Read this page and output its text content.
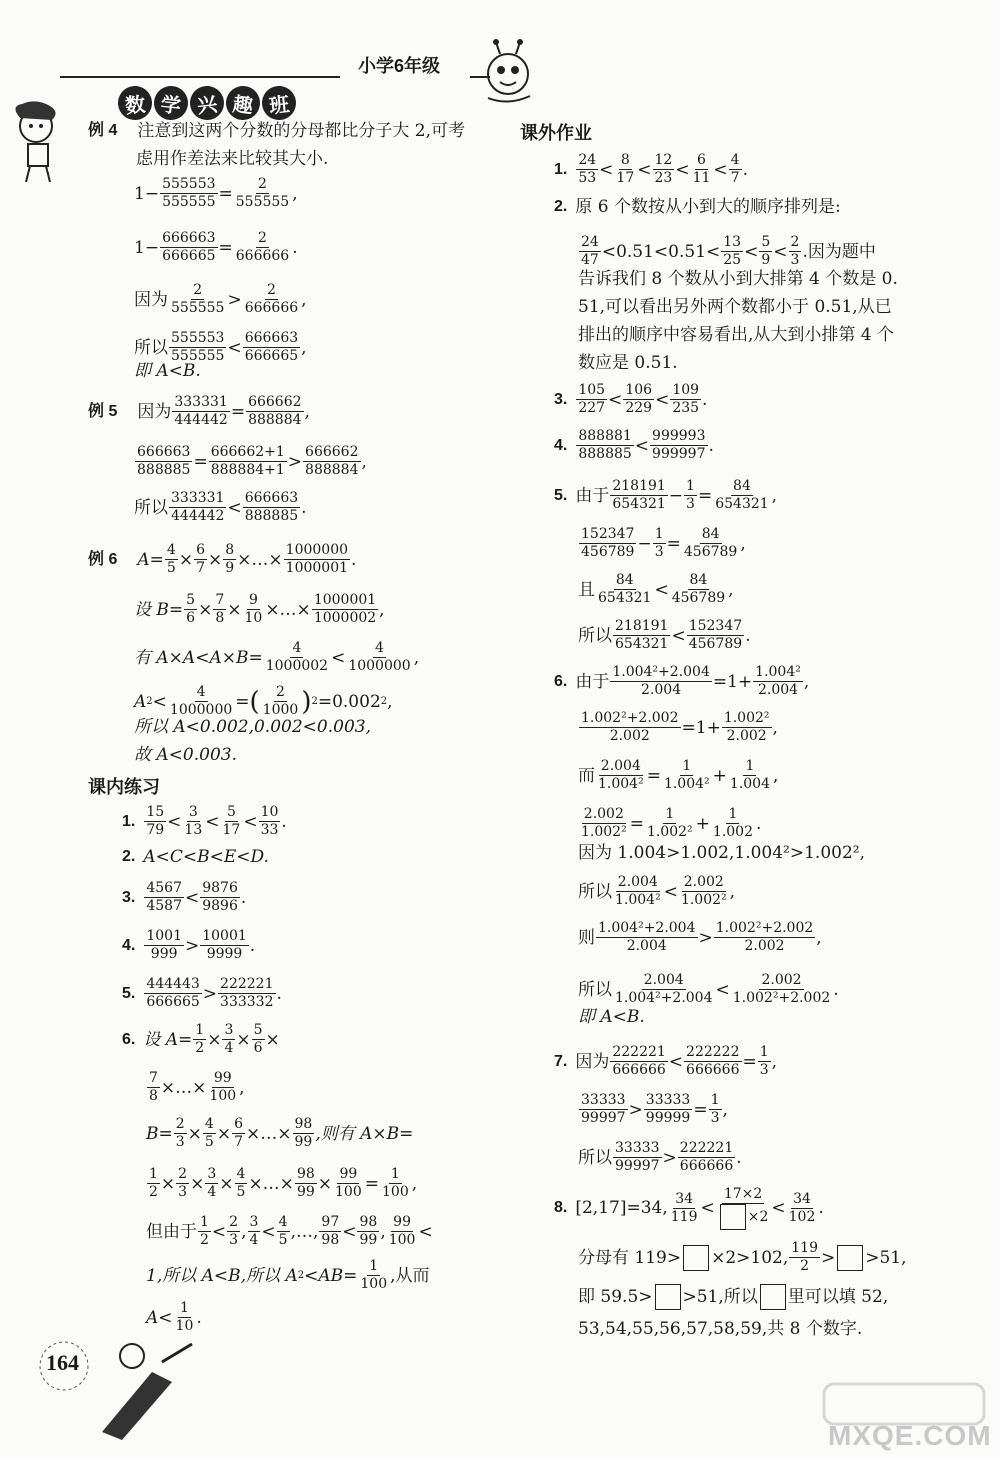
小学6年级
数 学 兴 趣 班
164
MXQE.COM
例 4 注意到这两个分数的分母都比分子大 2,可考
虑用作差法来比较其大小.
$1- \frac{555553}{555555} = \frac{2}{555555}$ ,
$1- \frac{666663}{666665} = \frac{2}{666666}$ .
因为 $\frac{2}{555555} > \frac{2}{666666}$ ,
所以 $\frac{555553}{555555} < \frac{666663}{666665}$ ,
即 A<B.
例 5 因为 $\frac{333331}{444442} = \frac{666662}{888884}$ ,
$\frac{666663}{888885} = \frac{666662+1}{888884+1} > \frac{666662}{888884}$ ,
所以 $\frac{333331}{444442} < \frac{666663}{888885}$ .
例 6 $A= \frac{4}{5} \times \frac{6}{7} \times \frac{8}{9}$ ×…× $\frac{1000000}{1000001}$ .
设 $B= \frac{5}{6} \times \frac{7}{8} \times \frac{9}{10}$ ×…× $\frac{1000001}{1000002}$ ,
有 $A\times A<A\times B= \frac{4}{1000002} < \frac{4}{1000000}$ ,
A $2 < \frac{4}{1000000}$ = ( $\frac{2}{1000}$ ) 2 =0.002 2 ,
所以 A<0.002,0.002<0.003,
故 A<0.003.
课内练习
1. $\frac{15}{79} < \frac{3}{13} < \frac{5}{17} < \frac{10}{33}$ .
2. A<C<B<E<D.
3. $\frac{4567}{4587} < \frac{9876}{9896}$ .
4. $\frac{1001}{999} > \frac{10001}{9999}$ .
5. $\frac{444443}{666665} > \frac{222221}{333332}$ .
6. 设 $A= \frac{1}{2} \times \frac{3}{4} \times \frac{5}{6}$ ×
$\frac{7}{8}$ ×…× $\frac{99}{100}$ ,
$B= \frac{2}{3} \times \frac{4}{5} \times \frac{6}{7}$ ×…× $\frac{98}{99}$ ,则有 A×B=
$\frac{1}{2} \times \frac{2}{3} \times \frac{3}{4} \times \frac{4}{5}$ ×…× $\frac{98}{99} \times \frac{99}{100} = \frac{1}{100}$ ,
但由于 $\frac{1}{2} < \frac{2}{3}$ , $\frac{3}{4} < \frac{4}{5}$ ,…, $\frac{97}{98} < \frac{98}{99}$ , $\frac{99}{100}$ <
1,所以 A<B,所以 A $2 <AB= \frac{1}{100}$ ,从而
$A< \frac{1}{10}$ .
课外作业
1. $\frac{24}{53} < \frac{8}{17} < \frac{12}{23} < \frac{6}{11} < \frac{4}{7}$ .
2. 原 6 个数按从小到大的顺序排列是:
$\frac{24}{47} <0.51<0.51< \frac{13}{25} < \frac{5}{9} < \frac{2}{3}$ .因为题中
告诉我们 8 个数从小到大排第 4 个数是 0.
51,可以看出另外两个数都小于 0.51,从已
排出的顺序中容易看出,从大到小排第 4 个
数应是 0.51.
3. $\frac{105}{227} < \frac{106}{229} < \frac{109}{235}$ .
4. $\frac{888881}{888885} < \frac{999993}{999997}$ .
5. 由于 $\frac{218191}{654321} - \frac{1}{3} = \frac{84}{654321}$ ,
$\frac{152347}{456789} - \frac{1}{3} = \frac{84}{456789}$ ,
且 $\frac{84}{654321} < \frac{84}{456789}$ ,
所以 $\frac{218191}{654321} < \frac{152347}{456789}$ .
6. 由于 $\frac{\text{1.004²+2.004}}{2.004} =1+ \frac{\text{1.004²}}{2.004}$ ,
$\frac{\text{1.002²+2.002}}{2.002} =1+ \frac{\text{1.002²}}{2.002}$ ,
而 $\frac{2.004}{\text{1.004²}} = \frac{1}{\text{1.004²}} + \frac{1}{1.004}$ ,
$\frac{2.002}{\text{1.002²}} = \frac{1}{\text{1.002²}} + \frac{1}{1.002}$ .
因为 1.004>1.002,1.004²>1.002²,
所以 $\frac{2.004}{\text{1.004²}} < \frac{2.002}{\text{1.002²}}$ ,
则 $\frac{\text{1.004²+2.004}}{2.004} > \frac{\text{1.002²+2.002}}{2.002}$ ,
所以 $\frac{2.004}{\text{1.004²+2.004}} < \frac{2.002}{\text{1.002²+2.002}}$ .
即 A<B.
7. 因为 $\frac{222221}{666666} < \frac{222222}{666666} = \frac{1}{3}$ ,
$\frac{33333}{99997} > \frac{33333}{99999} = \frac{1}{3}$ ,
所以 $\frac{33333}{99997} > \frac{222221}{666666}$ .
8. [2,17]=34, $\frac{34}{119} < \frac{17\times 2}{\times 2} < \frac{34}{102}$ .
分母有 119> ×2>102, $\frac{119}{2} > >51$,
即 59.5> >51,所以 里可以填 52,
53,54,55,56,57,58,59,共 8 个数字.
